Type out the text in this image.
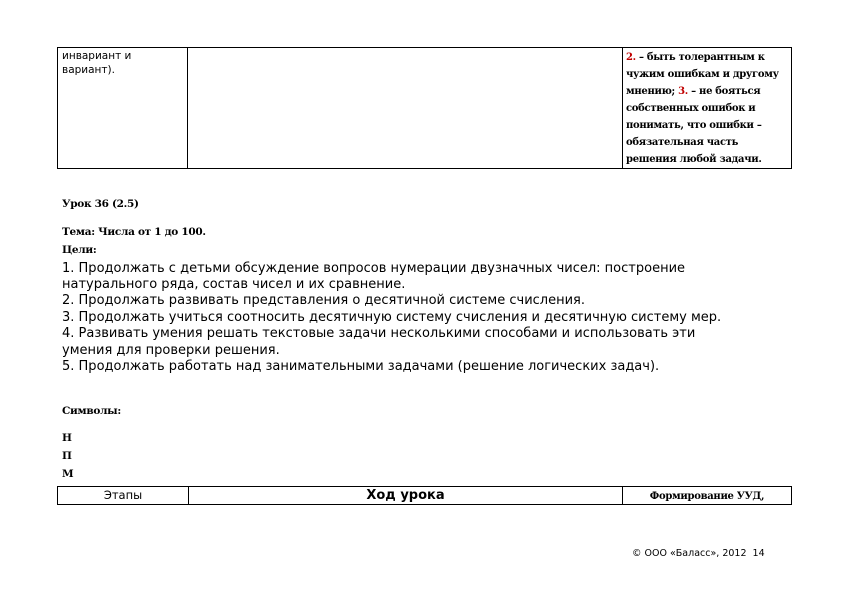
инвариант и
вариант).
2. – быть толерантным к
чужим ошибкам и другому
мнению; 3. – не бояться
собственных ошибок и
понимать, что ошибки –
обязательная часть
решения любой задачи.
Урок 36 (2.5)
Тема: Числа от 1 до 100.
Цели:
1. Продолжать с детьми обсуждение вопросов нумерации двузначных чисел: построение
натурального ряда, состав чисел и их сравнение.
2. Продолжать развивать представления о десятичной системе счисления.
3. Продолжать учиться соотносить десятичную систему счисления и десятичную систему мер.
4. Развивать умения решать текстовые задачи несколькими способами и использовать эти
умения для проверки решения.
5. Продолжать работать над занимательными задачами (решение логических задач).
Символы:
Н
П
М
Этапы	Ход урока	Формирование УУД,
© ООО «Баласс», 2012 14
